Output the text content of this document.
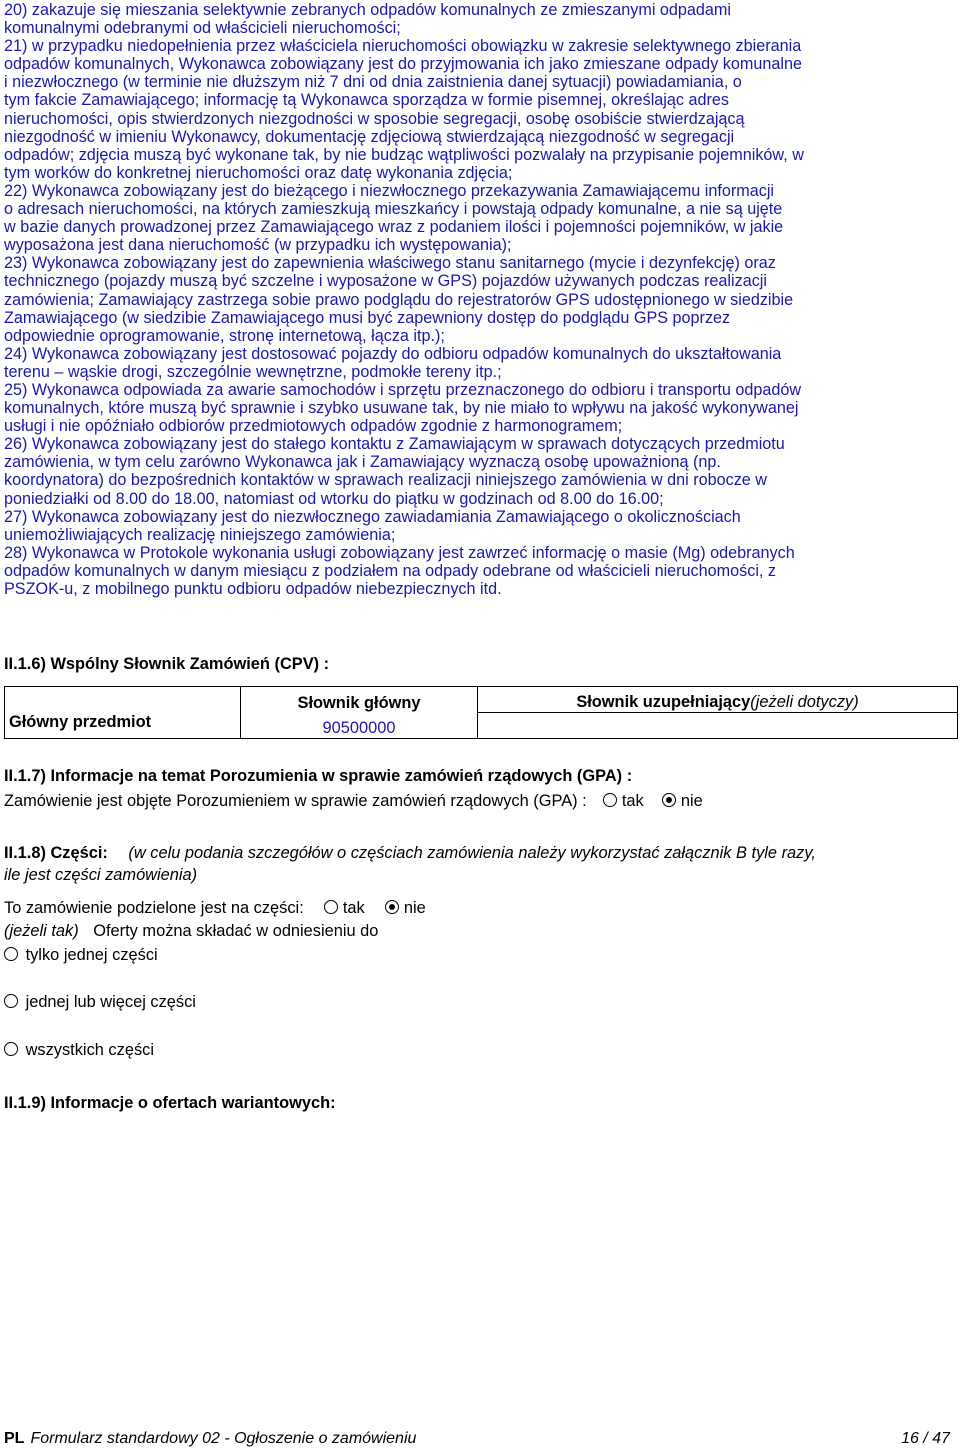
20) zakazuje się mieszania selektywnie zebranych odpadów komunalnych ze zmieszanymi odpadami
komunalnymi odebranymi od właścicieli nieruchomości;
21) w przypadku niedopełnienia przez właściciela nieruchomości obowiązku w zakresie selektywnego zbierania
odpadów komunalnych, Wykonawca zobowiązany jest do przyjmowania ich jako zmieszane odpady komunalne
i niezwłocznego (w terminie nie dłuższym niż 7 dni od dnia zaistnienia danej sytuacji) powiadamiania, o
tym fakcie Zamawiającego; informację tą Wykonawca sporządza w formie pisemnej, określając adres
nieruchomości, opis stwierdzonych niezgodności w sposobie segregacji, osobę osobiście stwierdzającą
niezgodność w imieniu Wykonawcy, dokumentację zdjęciową stwierdzającą niezgodność w segregacji
odpadów; zdjęcia muszą być wykonane tak, by nie budząc wątpliwości pozwalały na przypisanie pojemników, w
tym worków do konkretnej nieruchomości oraz datę wykonania zdjęcia;
22) Wykonawca zobowiązany jest do bieżącego i niezwłocznego przekazywania Zamawiającemu informacji
o adresach nieruchomości, na których zamieszkują mieszkańcy i powstają odpady komunalne, a nie są ujęte
w bazie danych prowadzonej przez Zamawiającego wraz z podaniem ilości i pojemności pojemników, w jakie
wyposażona jest dana nieruchomość (w przypadku ich występowania);
23) Wykonawca zobowiązany jest do zapewnienia właściwego stanu sanitarnego (mycie i dezynfekcję) oraz
technicznego (pojazdy muszą być szczelne i wyposażone w GPS) pojazdów używanych podczas realizacji
zamówienia; Zamawiający zastrzega sobie prawo podglądu do rejestratorów GPS udostępnionego w siedzibie
Zamawiającego (w siedzibie Zamawiającego musi być zapewniony dostęp do podglądu GPS poprzez
odpowiednie oprogramowanie, stronę internetową, łącza itp.);
24) Wykonawca zobowiązany jest dostosować pojazdy do odbioru odpadów komunalnych do ukształtowania
terenu – wąskie drogi, szczególnie wewnętrzne, podmokłe tereny itp.;
25) Wykonawca odpowiada za awarie samochodów i sprzętu przeznaczonego do odbioru i transportu odpadów
komunalnych, które muszą być sprawnie i szybko usuwane tak, by nie miało to wpływu na jakość wykonywanej
usługi i nie opóźniało odbiorów przedmiotowych odpadów zgodnie z harmonogramem;
26) Wykonawca zobowiązany jest do stałego kontaktu z Zamawiającym w sprawach dotyczących przedmiotu
zamówienia, w tym celu zarówno Wykonawca jak i Zamawiający wyznaczą osobę upoważnioną (np.
koordynatora) do bezpośrednich kontaktów w sprawach realizacji niniejszego zamówienia w dni robocze w
poniedziałki od 8.00 do 18.00, natomiast od wtorku do piątku w godzinach od 8.00 do 16.00;
27) Wykonawca zobowiązany jest do niezwłocznego zawiadamiania Zamawiającego o okolicznościach
uniemożliwiających realizację niniejszego zamówienia;
28) Wykonawca w Protokole wykonania usługi zobowiązany jest zawrzeć informację o masie (Mg) odebranych
odpadów komunalnych w danym miesiącu z podziałem na odpady odebrane od właścicieli nieruchomości, z
PSZOK-u, z mobilnego punktu odbioru odpadów niebezpiecznych itd.
II.1.6) Wspólny Słownik Zamówień (CPV) :
	Słownik główny	Słownik uzupełniający(jeżeli dotyczy)
Główny przedmiot	90500000	
II.1.7) Informacje na temat Porozumienia w sprawie zamówień rządowych (GPA) :
Zamówienie jest objęte Porozumieniem w sprawie zamówień rządowych (GPA) : tak nie
II.1.8) Części: (w celu podania szczegółów o częściach zamówienia należy wykorzystać załącznik B tyle razy,
ile jest części zamówienia)
To zamówienie podzielone jest na części: tak nie
(jeżeli tak) Oferty można składać w odniesieniu do
tylko jednej części
jednej lub więcej części
wszystkich części
II.1.9) Informacje o ofertach wariantowych:
PL Formularz standardowy 02 - Ogłoszenie o zamówieniu	16 / 47
